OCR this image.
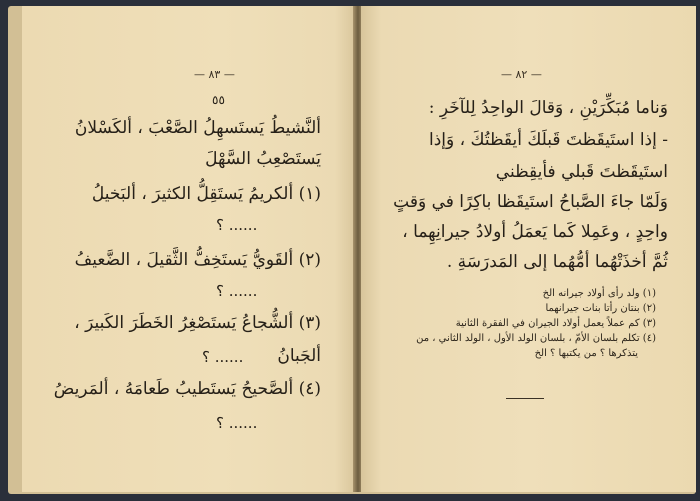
— ٨٣ —
٥٥
ألنَّشيطُ يَستَسهِلُ الصَّعْبَ ، ألكَسْلانُ
يَستَصْعِبُ السَّهْلَ
(١) ألكريمُ يَستَقِلُّ الكثيرَ ، ألبَخيلُ
؟ ......
(٢) ألقَويُّ يَستَخِفُّ الثَّقيلَ ، الضَّعيفُ
؟ ......
(٣) ألشُّجاعُ يَستَصْغِرُ الخَطَرَ الكَبيرَ ،
ألجَبانُ
؟ ......
(٤) ألصَّحيحُ يَستَطيبُ طَعامَهُ ، ألمَريضُ
؟ ......
— ٨٢ —
وَناما مُبَكِّرَيْنِ ، وَقالَ الواحِدُ لِلآخَرِ :
- إذا استَيقَظتَ قَبلَكَ أيقَظتُكَ ، وَإذا
استَيقَظتَ قَبلي فأيقِظني
وَلَمّا جاءَ الصَّباحُ استَيقَظا باكِرًا في وَقتٍ
واحِدٍ ، وعَمِلا كَما يَعمَلُ أولادُ جيرانِهِما ،
ثُمَّ أخذَتْهُما أمُّهُما إلى المَدرَسَةِ .
(١) ولد رأى أولاد جيرانه الخ
(٢) بنتان رأتا بنات جيرانهما
(٣) كم عملاً يعمل أولاد الجيران في الفقرة الثانية
(٤) تكلم بلسان الأمّ ، بلسان الولد الأول ، الولد الثاني ، من
يتذكرها ؟ من يكتبها ؟ الخ
